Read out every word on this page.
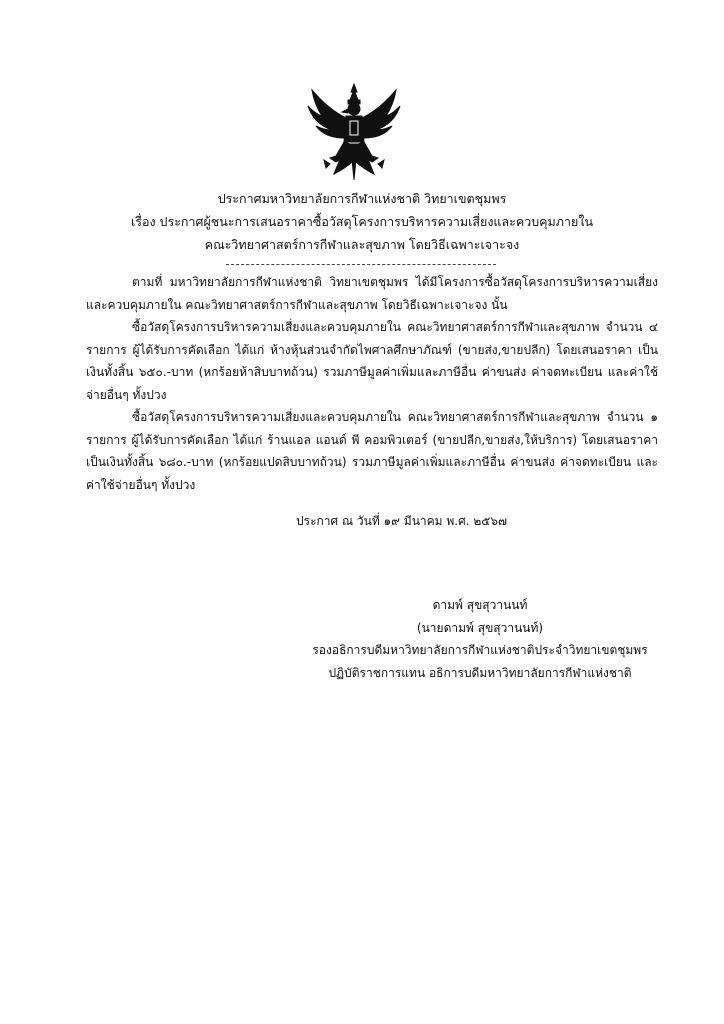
ประกาศมหาวิทยาลัยการกีฬาแห่งชาติ วิทยาเขตชุมพร
เรื่อง ประกาศผู้ชนะการเสนอราคาซื้อวัสดุโครงการบริหารความเสี่ยงและควบคุมภายใน
คณะวิทยาศาสตร์การกีฬาและสุขภาพ โดยวิธีเฉพาะเจาะจง

ตามที่ มหาวิทยาลัยการกีฬาแห่งชาติ วิทยาเขตชุมพร ได้มีโครงการซื้อวัสดุโครงการบริหารความเสี่ยงและควบคุมภายใน คณะวิทยาศาสตร์การกีฬาและสุขภาพ โดยวิธีเฉพาะเจาะจง นั้น

ซื้อวัสดุโครงการบริหารความเสี่ยงและควบคุมภายใน คณะวิทยาศาสตร์การกีฬาและสุขภาพ จำนวน ๔ รายการ ผู้ได้รับการคัดเลือก ได้แก่ ห้างหุ้นส่วนจำกัดไพศาลศึกษาภัณฑ์ (ขายส่ง,ขายปลีก) โดยเสนอราคา เป็นเงินทั้งสิ้น ๖๕๐.-บาท (หกร้อยห้าสิบบาทถ้วน) รวมภาษีมูลค่าเพิ่มและภาษีอื่น ค่าขนส่ง ค่าจดทะเบียน และค่าใช้จ่ายอื่นๆ ทั้งปวง

ซื้อวัสดุโครงการบริหารความเสี่ยงและควบคุมภายใน คณะวิทยาศาสตร์การกีฬาและสุขภาพ จำนวน ๑ รายการ ผู้ได้รับการคัดเลือก ได้แก่ ร้านแอล แอนด์ พี คอมพิวเตอร์ (ขายปลีก,ขายส่ง,ให้บริการ) โดยเสนอราคาเป็นเงินทั้งสิ้น ๖๘๐.-บาท (หกร้อยแปดสิบบาทถ้วน) รวมภาษีมูลค่าเพิ่มและภาษีอื่น ค่าขนส่ง ค่าจดทะเบียน และค่าใช้จ่ายอื่นๆ ทั้งปวง

ประกาศ ณ วันที่ ๑๙ มีนาคม พ.ศ. ๒๕๖๗
ดามพ์ สุขสุวานนท์
(นายดามพ์ สุขสุวานนท์)
รองอธิการบดีมหาวิทยาลัยการกีฬาแห่งชาติประจำวิทยาเขตชุมพร
ปฏิบัติราชการแทน อธิการบดีมหาวิทยาลัยการกีฬาแห่งชาติ
